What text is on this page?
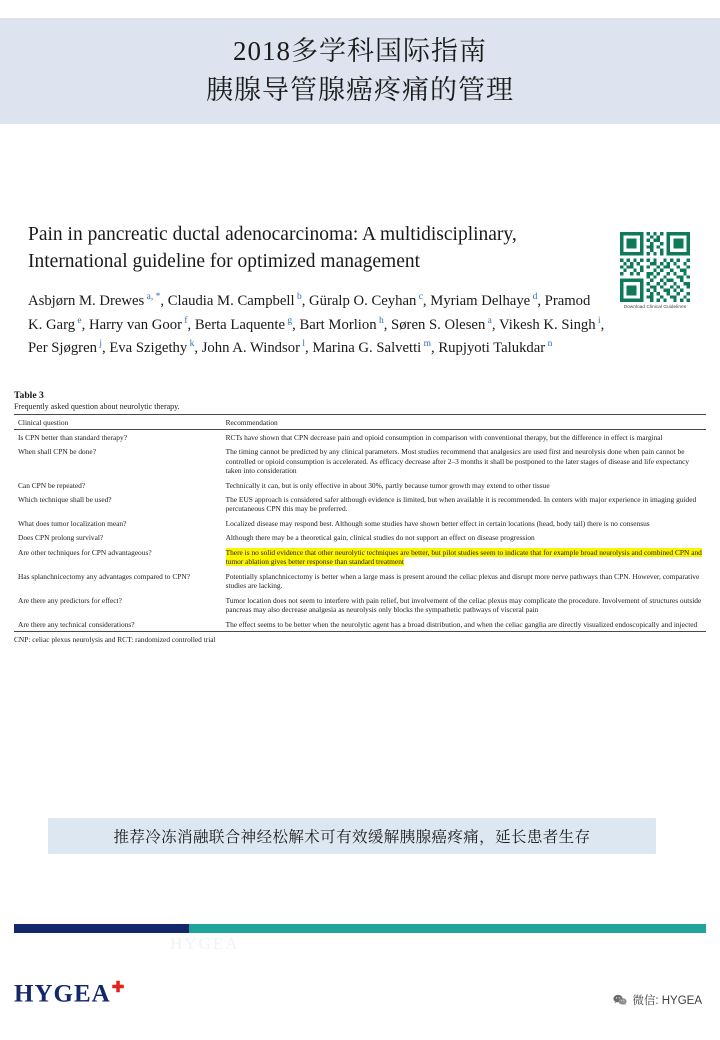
2018多学科国际指南
胰腺导管腺癌疼痛的管理
Pain in pancreatic ductal adenocarcinoma: A multidisciplinary,
International guideline for optimized management
Asbjørn M. Drewes $^{a, *}$, Claudia M. Campbell $^b$, Güralp O. Ceyhan $^c$, Myriam Delhaye $^d$, Pramod K. Garg $^e$, Harry van Goor $^f$, Berta Laquente $^g$, Bart Morlion $^h$, Søren S. Olesen $^a$, Vikesh K. Singh $^i$, Per Sjøgren $^j$, Eva Szigethy $^k$, John A. Windsor $^l$, Marina G. Salvetti $^m$, Rupjyoti Talukdar $^n$
Download Clinical Guidelines
Table 3
Frequently asked question about neurolytic therapy.
Clinical question	Recommendation
Is CPN better than standard therapy?	RCTs have shown that CPN decrease pain and opioid consumption in comparison with conventional therapy, but the difference in effect is marginal
When shall CPN be done?	The timing cannot be predicted by any clinical parameters. Most studies recommend that analgesics are used first and neurolysis done when pain cannot be controlled or opioid consumption is accelerated. As efficacy decrease after 2–3 months it shall be postponed to the later stages of disease and life expectancy taken into consideration
Can CPN be repeated?	Technically it can, but is only effective in about 30%, partly because tumor growth may extend to other tissue
Which technique shall be used?	The EUS approach is considered safer although evidence is limited, but when available it is recommended. In centers with major experience in imaging guided percutaneous CPN this may be preferred.
What does tumor localization mean?	Localized disease may respond best. Although some studies have shown better effect in certain locations (head, body tail) there is no consensus
Does CPN prolong survival?	Although there may be a theoretical gain, clinical studies do not support an effect on disease progression
Are other techniques for CPN advantageous?	There is no solid evidence that other neurolytic techniques are better, but pilot studies seem to indicate that for example broad neurolysis and combined CPN and tumor ablation gives better response than standard treatment
Has splanchnicectomy any advantages compared to CPN?	Potentially splanchnicectomy is better when a large mass is present around the celiac plexus and disrupt more nerve pathways than CPN. However, comparative studies are lacking.
Are there any predictors for effect?	Tumor location does not seem to interfere with pain relief, but involvement of the celiac plexus may complicate the procedure. Involvement of structures outside pancreas may also decrease analgesia as neurolysis only blocks the sympathetic pathways of visceral pain
Are there any technical considerations?	The effect seems to be better when the neurolytic agent has a broad distribution, and when the celiac ganglia are directly visualized endoscopically and injected
CNP: celiac plexus neurolysis and RCT: randomized controlled trial
推荐冷冻消融联合神经松解术可有效缓解胰腺癌疼痛，延长患者生存
HYGEA
HYGEA✚
微信: HYGEA
